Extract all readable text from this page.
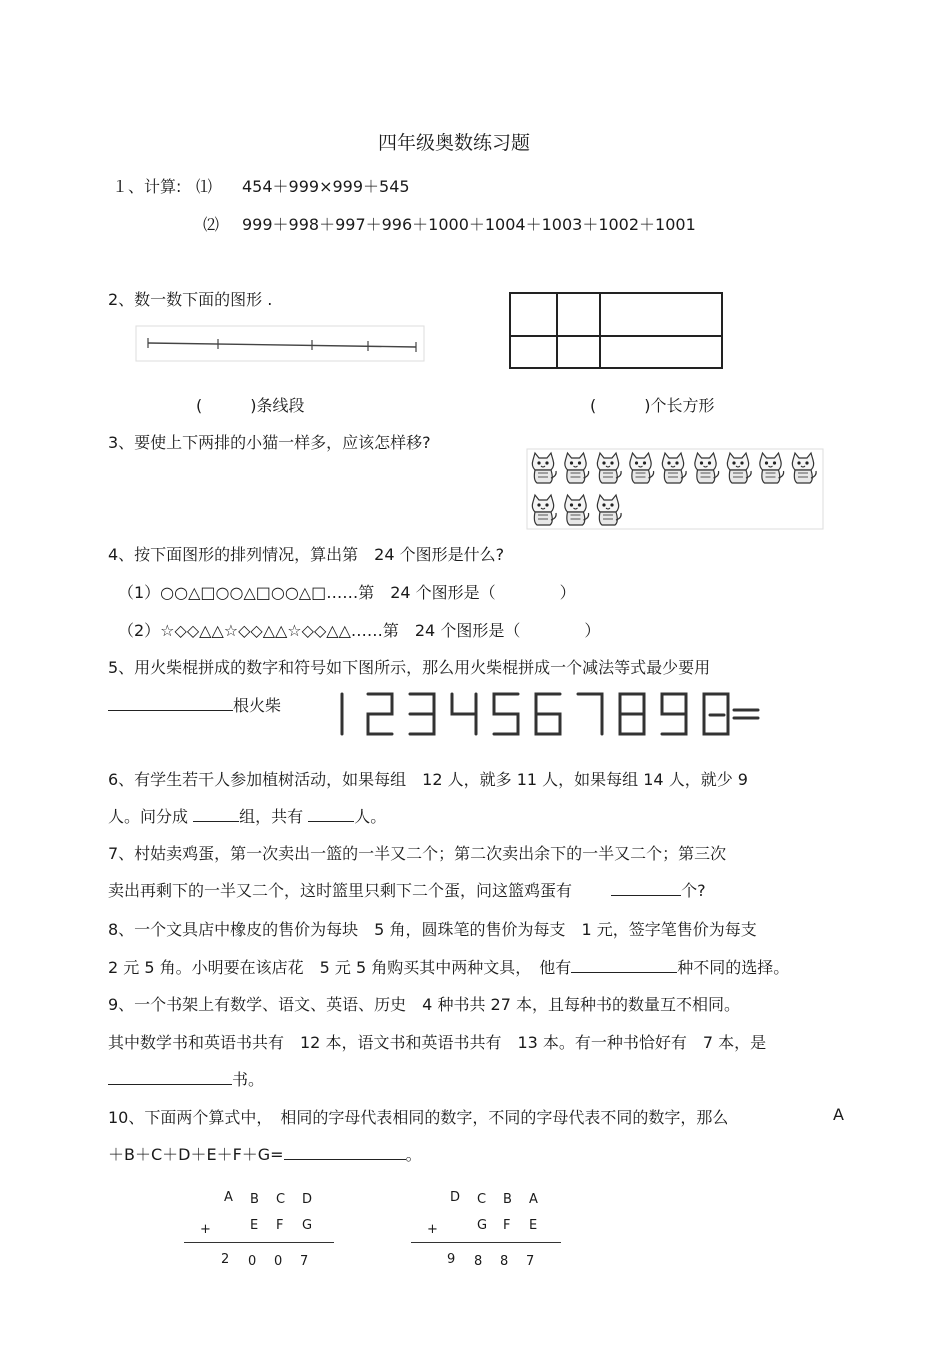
四年级奥数练习题
１、计算: ⑴ 454＋999×999＋545
⑵ 999＋998＋997＋996＋1000＋1004＋1003＋1002＋1001
2、数一数下面的图形 .
(　　　)条线段	(　　　)个长方形
3、要使上下两排的小猫一样多，应该怎样移?
4、按下面图形的排列情况，算出第　24 个图形是什么?
（1）○○△□○○△□○○△□……第　24 个图形是（　　　　）
（2）☆◇◇△△☆◇◇△△☆◇◇△△……第　24 个图形是（　　　　）
5、用火柴棍拼成的数字和符号如下图所示，那么用火柴棍拼成一个减法等式最少要用
根火柴
6、有学生若干人参加植树活动，如果每组　12 人，就多 11 人，如果每组 14 人，就少 9
人。问分成	组，共有	人。
7、村姑卖鸡蛋，第一次卖出一篮的一半又二个；第二次卖出余下的一半又二个；第三次
卖出再剩下的一半又二个，这时篮里只剩下二个蛋，问这篮鸡蛋有	个?
8、一个文具店中橡皮的售价为每块　5 角，圆珠笔的售价为每支　1 元，签字笔售价为每支
2 元 5 角。小明要在该店花　5 元 5 角购买其中两种文具，　他有	种不同的选择。
9、一个书架上有数学、语文、英语、历史　4 种书共 27 本，且每种书的数量互不相同。
其中数学书和英语书共有　12 本，语文书和英语书共有　13 本。有一种书恰好有　7 本，是
书。
10、下面两个算式中，　相同的字母代表相同的数字，不同的字母代表不同的数字，那么	A
＋B＋C＋D＋E＋F＋G=	。
A B C D
+	E F G
2 0 0 7
D C B A
+	G F E
9 8 8 7
